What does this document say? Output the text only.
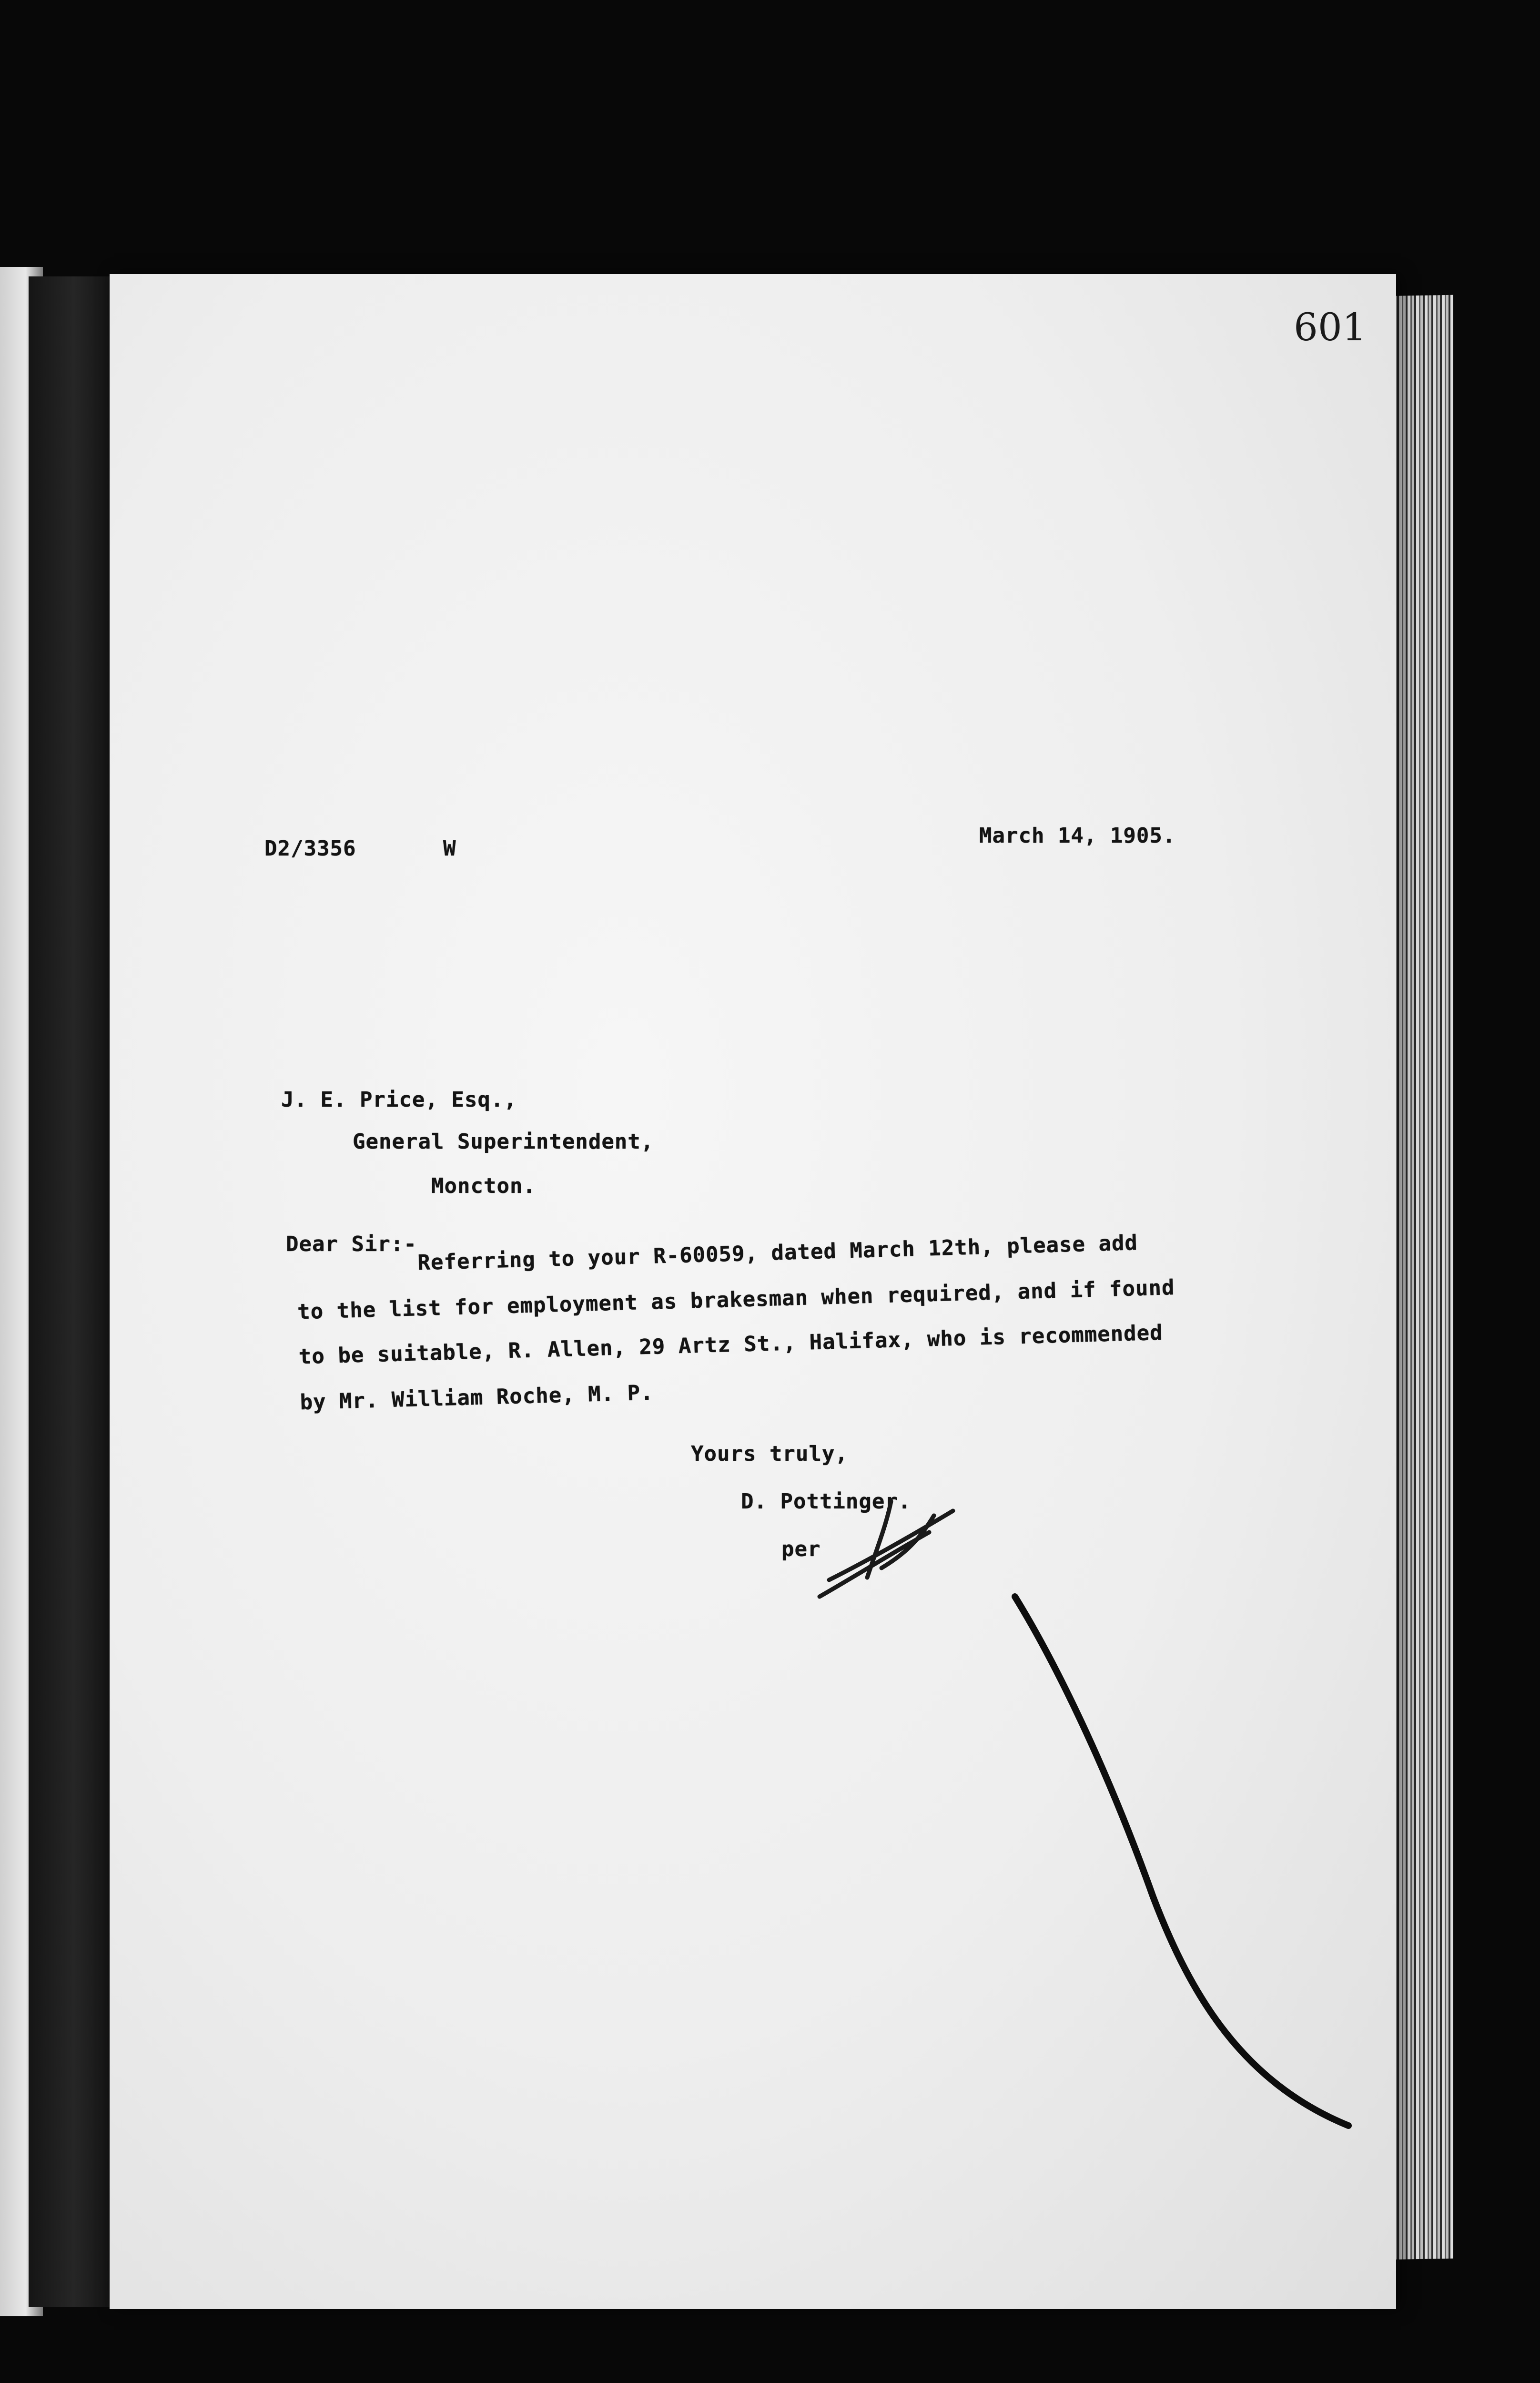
601

D2/3356	W

March 14, 1905.

J. E. Price, Esq.,

General Superintendent,

Moncton.

Dear Sir:- Referring to your R-60059, dated March 12th, please add

to the list for employment as brakesman when required, and if found

to be suitable, R. Allen, 29 Artz St., Halifax, who is recommended

by Mr. William Roche, M. P.

Yours truly,

D. Pottinger.

per
